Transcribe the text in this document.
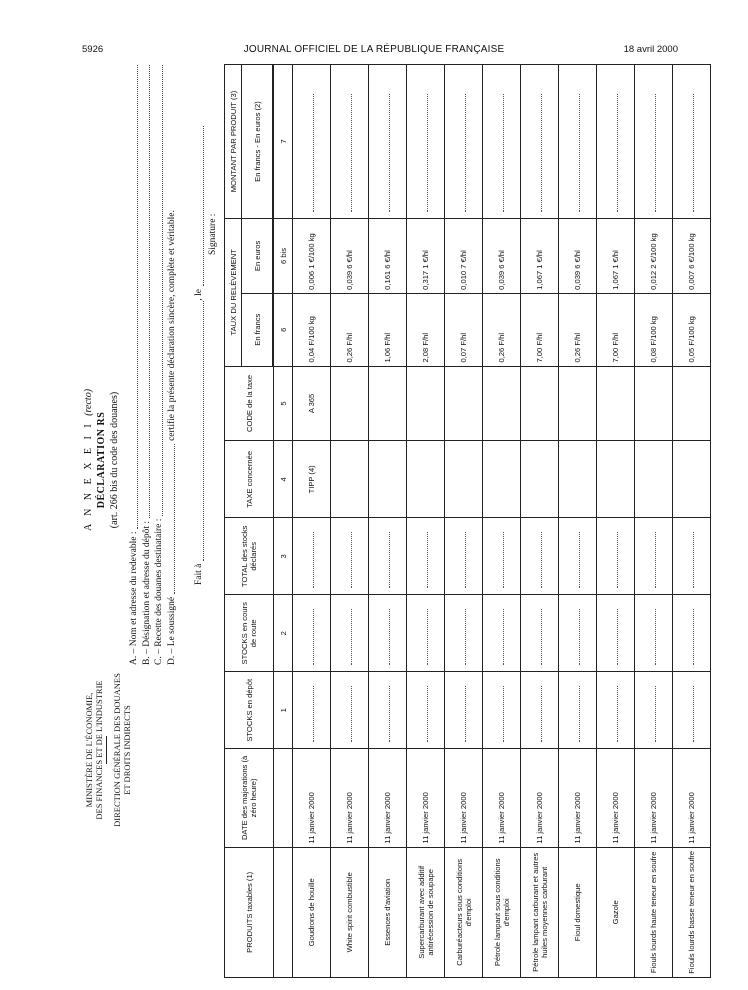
5926	JOURNAL OFFICIEL DE LA RÉPUBLIQUE FRANÇAISE	18 avril 2000
MINISTÈRE DE L'ÉCONOMIE, DES FINANCES ET DE L'INDUSTRIE DIRECTION GÉNÉRALE DES DOUANES ET DROITS INDIRECTS
A N N E X E I I (recto)
DÉCLARATION RS (art. 266 bis du code des douanes)
A. – Nom et adresse du redevable : B. – Désignation et adresse du dépôt : C. – Recette des douanes destinataire : D. – Le soussigné
certifie la présente déclaration sincère, complète et véritable.
Fait à
, le
Signature :
PRODUITS taxables (1)	DATE des majorations (à zéro heure)	STOCKS en dépôt	STOCKS en cours de route	TOTAL des stocks déclarés	TAXE concernée	CODE de la taxe	TAUX DU RELÈVEMENT		MONTANT PAR PRODUIT (3)
							En francs	En euros	En francs - En euros (2)

		1	2	3	4	5	6	6 bis	7
Goudrons de houille	11 janvier 2000				TIPP (4)	A 365	0,04 F/100 kg	0,006 1 €/100 kg	
White spirit combustible	11 janvier 2000						0,26 F/hl	0,039 6 €/hl	
Essences d'aviation	11 janvier 2000						1,06 F/hl	0,161 6 €/hl	
Supercarburant avec additif antirécession de soupape	11 janvier 2000						2,08 F/hl	0,317 1 €/hl	
Carburéacteurs sous conditions d'emploi	11 janvier 2000						0,07 F/hl	0,010 7 €/hl	
Pétrole lampant sous conditions d'emploi	11 janvier 2000						0,26 F/hl	0,039 6 €/hl	
Pétrole lampant carburant et autres huiles moyennes carburant	11 janvier 2000						7,00 F/hl	1,067 1 €/hl	
Fioul domestique	11 janvier 2000						0,26 F/hl	0,039 6 €/hl	
Gazole	11 janvier 2000						7,00 F/hl	1,067 1 €/hl	
Fiouls lourds haute teneur en soufre	11 janvier 2000						0,08 F/100 kg	0,012 2 €/100 kg	
Fiouls lourds basse teneur en soufre	11 janvier 2000						0,05 F/100 kg	0,007 6 €/100 kg	
